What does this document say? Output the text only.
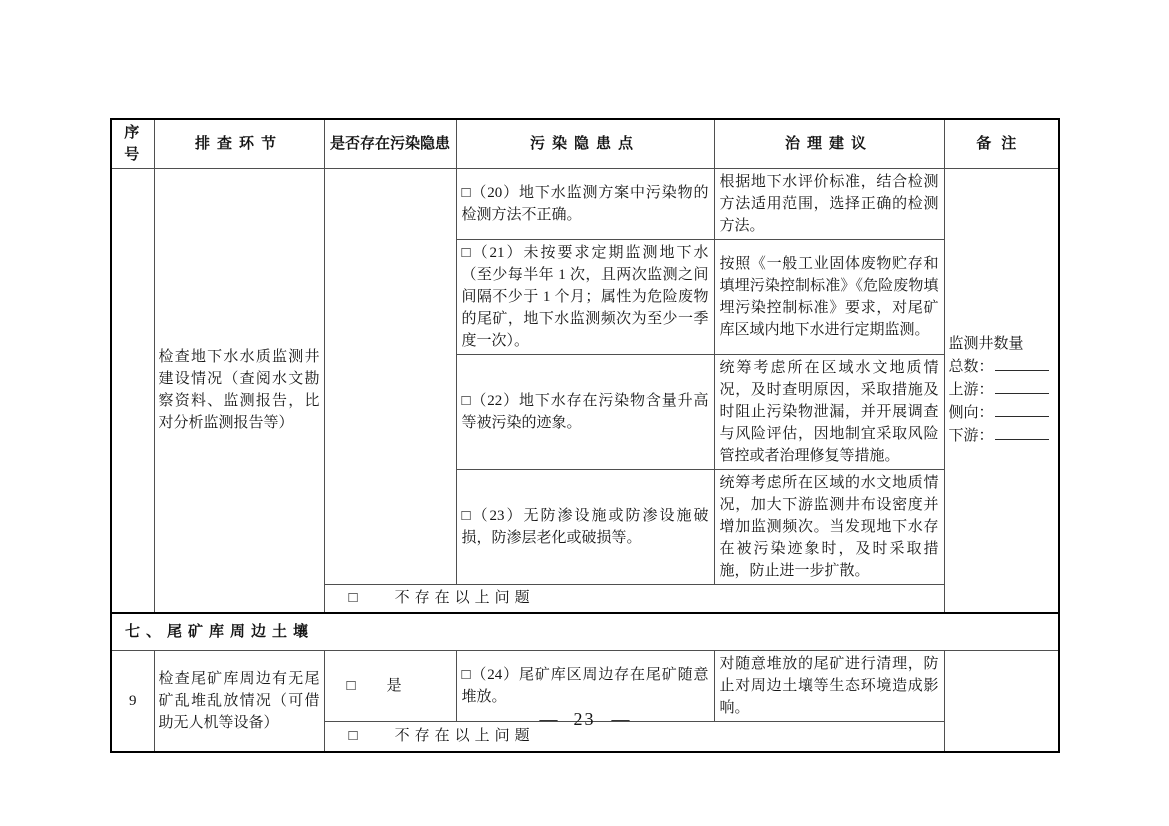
序号	排查环节	是否存在污染隐患	污染隐患点	治理建议	备注
	检查地下水水质监测井建设情况（查阅水文勘察资料、监测报告，比对分析监测报告等）		□（20）地下水监测方案中污染物的检测方法不正确。	根据地下水评价标准，结合检测方法适用范围，选择正确的检测方法。	监测井数量
总数：
上游：
侧向：
下游：

			□（21）未按要求定期监测地下水（至少每半年 1 次，且两次监测之间间隔不少于 1 个月；属性为危险废物的尾矿，地下水监测频次为至少一季度一次）。	按照《一般工业固体废物贮存和填埋污染控制标准》《危险废物填埋污染控制标准》要求，对尾矿库区域内地下水进行定期监测。	
			□（22）地下水存在污染物含量升高等被污染的迹象。	统筹考虑所在区域水文地质情况，及时查明原因，采取措施及时阻止污染物泄漏，并开展调查与风险评估，因地制宜采取风险管控或者治理修复等措施。	
			□（23）无防渗设施或防渗设施破损，防渗层老化或破损等。	统筹考虑所在区域的水文地质情况，加大下游监测井布设密度并增加监测频次。当发现地下水存在被污染迹象时，及时采取措施，防止进一步扩散。	

		□ 不存在以上问题			

七、尾矿库周边土壤					
9	检查尾矿库周边有无尾矿乱堆乱放情况（可借助无人机等设备）	□ 是	□（24）尾矿库区周边存在尾矿随意堆放。	对随意堆放的尾矿进行清理，防止对周边土壤等生态环境造成影响。	

		□ 不存在以上问题			
— 23 —
